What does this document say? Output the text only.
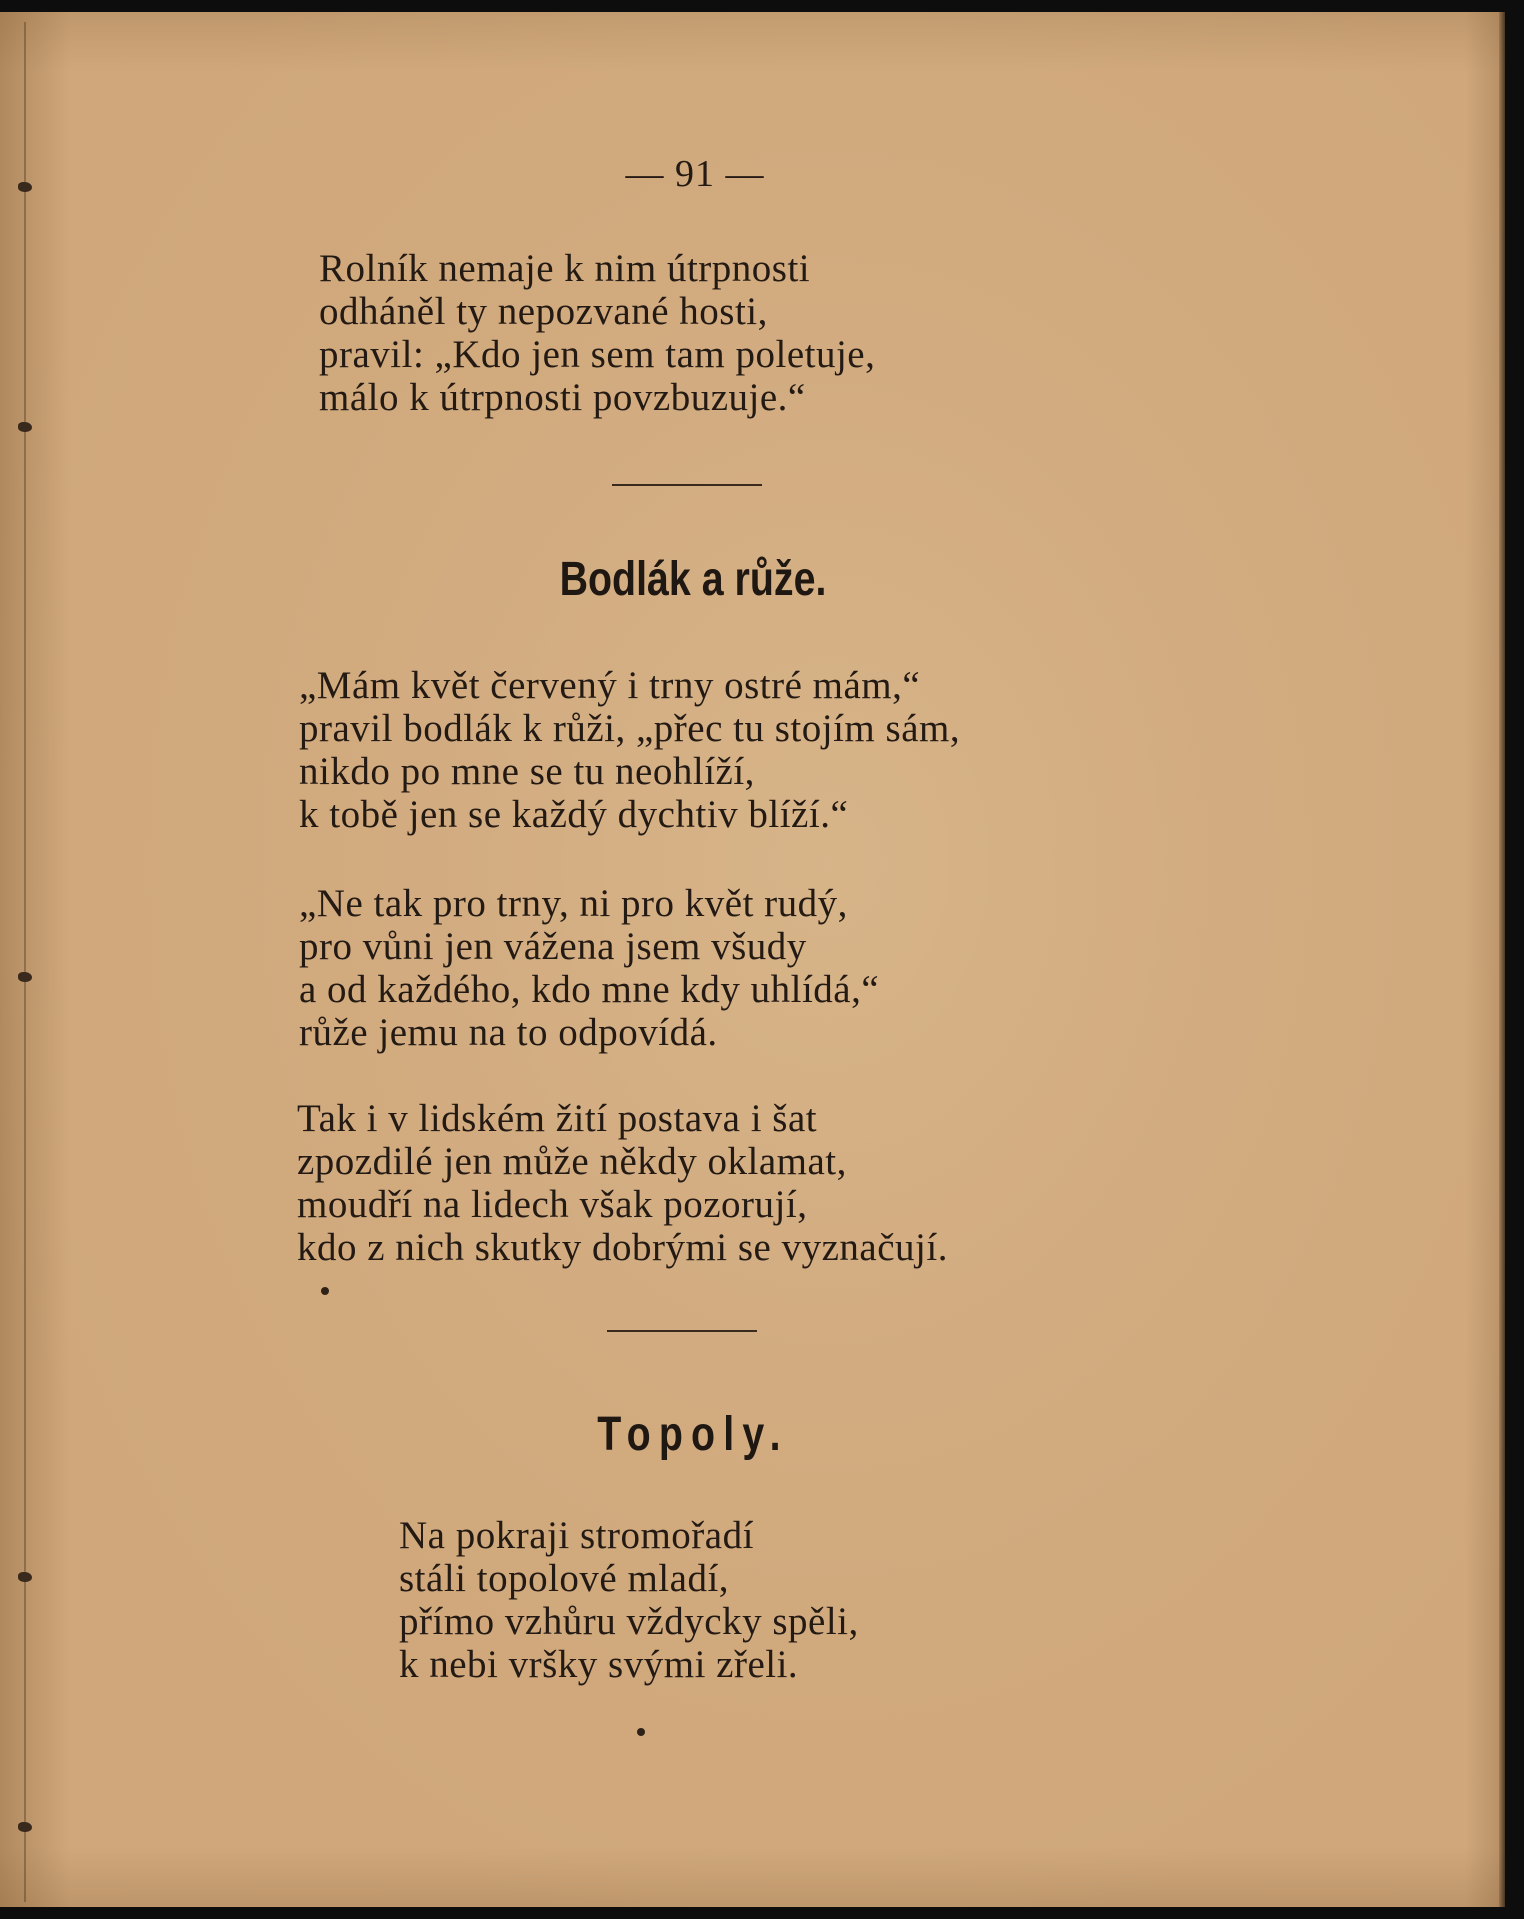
— 91 —
Rolník nemaje k nim útrpnosti
odháněl ty nepozvané hosti,
pravil: „Kdo jen sem tam poletuje,
málo k útrpnosti povzbuzuje.“
Bodlák a růže.
„Mám květ červený i trny ostré mám,“
pravil bodlák k růži, „přec tu stojím sám,
nikdo po mne se tu neohlíží,
k tobě jen se každý dychtiv blíží.“
„Ne tak pro trny, ni pro květ rudý,
pro vůni jen vážena jsem všudy
a od každého, kdo mne kdy uhlídá,“
růže jemu na to odpovídá.
Tak i v lidském žití postava i šat
zpozdilé jen může někdy oklamat,
moudří na lidech však pozorují,
kdo z nich skutky dobrými se vyznačují.
Topoly.
Na pokraji stromořadí
stáli topolové mladí,
přímo vzhůru vždycky spěli,
k nebi vršky svými zřeli.
